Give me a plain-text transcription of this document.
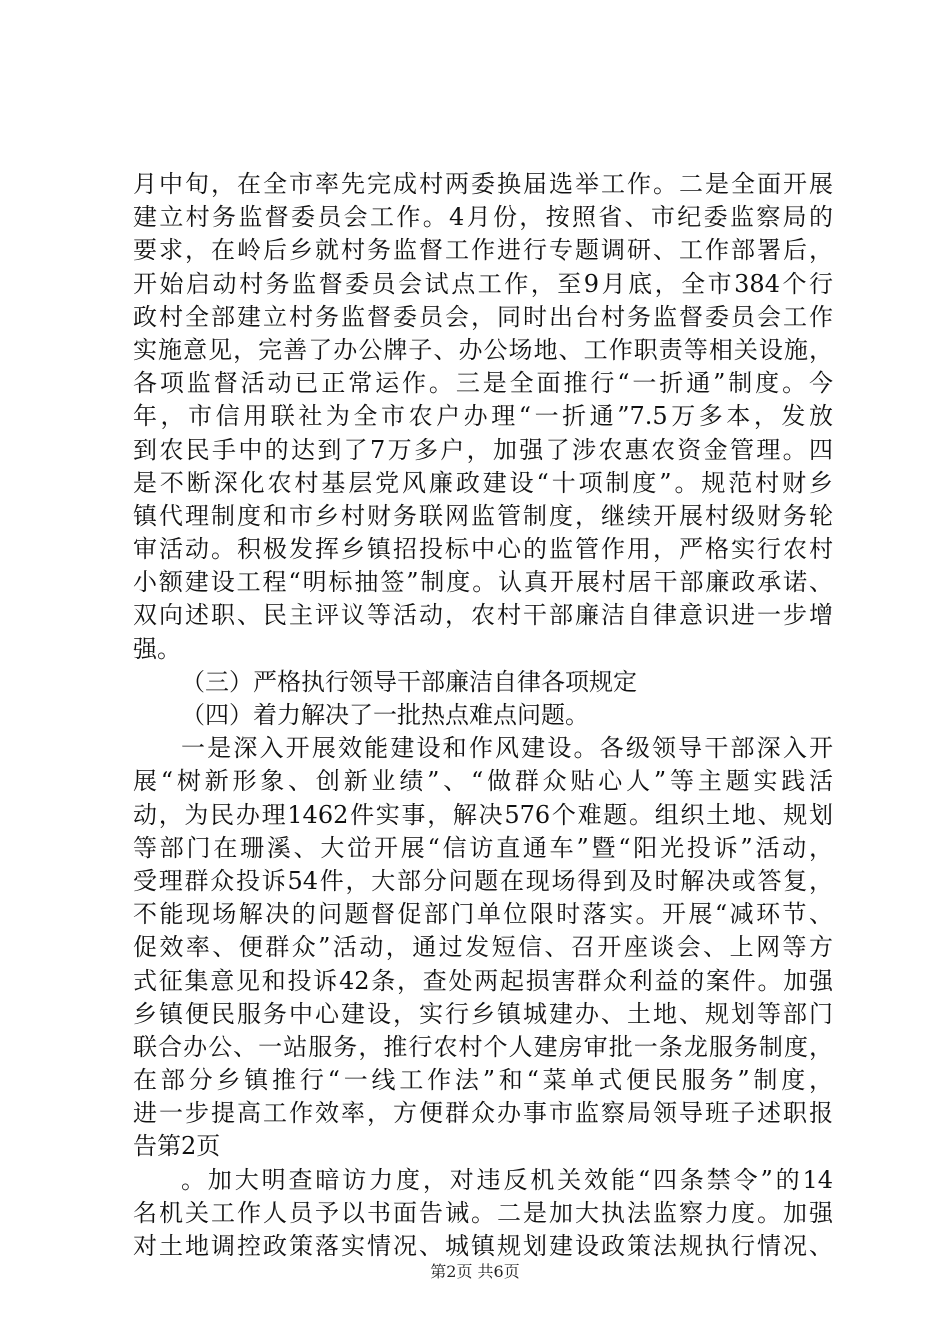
月中旬，在全市率先完成村两委换届选举工作。二是全面开展
建立村务监督委员会工作。4月份，按照省、市纪委监察局的
要求，在岭后乡就村务监督工作进行专题调研、工作部署后，
开始启动村务监督委员会试点工作，至9月底，全市384个行
政村全部建立村务监督委员会，同时出台村务监督委员会工作
实施意见，完善了办公牌子、办公场地、工作职责等相关设施，
各项监督活动已正常运作。三是全面推行“一折通”制度。今
年，市信用联社为全市农户办理“一折通”7.5万多本，发放
到农民手中的达到了7万多户，加强了涉农惠农资金管理。四
是不断深化农村基层党风廉政建设“十项制度”。规范村财乡
镇代理制度和市乡村财务联网监管制度，继续开展村级财务轮
审活动。积极发挥乡镇招投标中心的监管作用，严格实行农村
小额建设工程“明标抽签”制度。认真开展村居干部廉政承诺、
双向述职、民主评议等活动，农村干部廉洁自律意识进一步增
强。
（三）严格执行领导干部廉洁自律各项规定
（四）着力解决了一批热点难点问题。
一是深入开展效能建设和作风建设。各级领导干部深入开
展“树新形象、创新业绩”、“做群众贴心人”等主题实践活
动，为民办理1462件实事，解决576个难题。组织土地、规划
等部门在珊溪、大峃开展“信访直通车”暨“阳光投诉”活动，
受理群众投诉54件，大部分问题在现场得到及时解决或答复，
不能现场解决的问题督促部门单位限时落实。开展“减环节、
促效率、便群众”活动，通过发短信、召开座谈会、上网等方
式征集意见和投诉42条，查处两起损害群众利益的案件。加强
乡镇便民服务中心建设，实行乡镇城建办、土地、规划等部门
联合办公、一站服务，推行农村个人建房审批一条龙服务制度，
在部分乡镇推行“一线工作法”和“菜单式便民服务”制度，
进一步提高工作效率，方便群众办事市监察局领导班子述职报
告第2页
。加大明查暗访力度，对违反机关效能“四条禁令”的14
名机关工作人员予以书面告诫。二是加大执法监察力度。加强
对土地调控政策落实情况、城镇规划建设政策法规执行情况、
第2页 共6页
